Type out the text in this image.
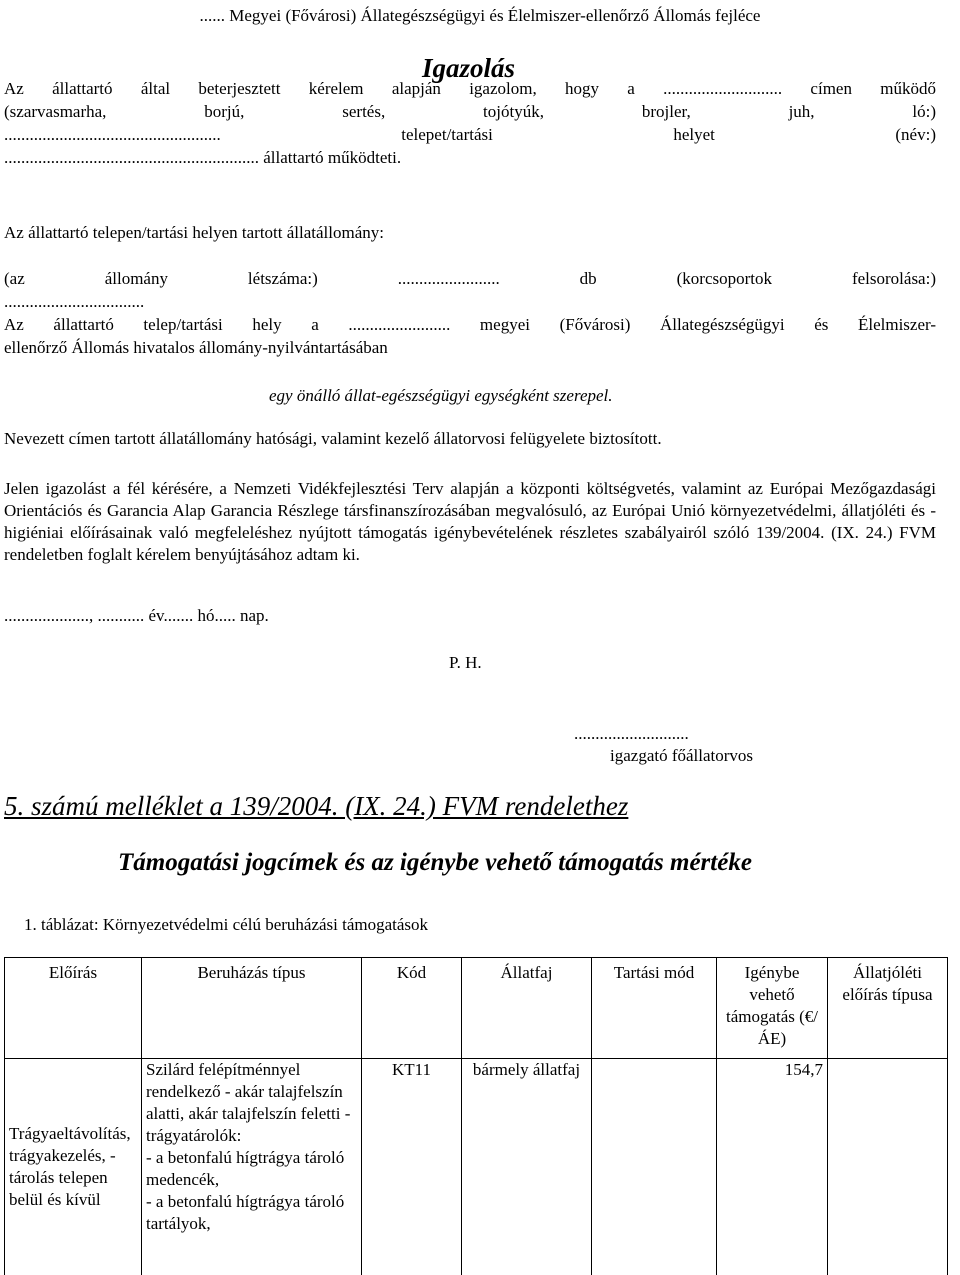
...... Megyei (Fővárosi) Állategészségügyi és Élelmiszer-ellenőrző Állomás fejléce
Igazolás
Az állattartó által beterjesztett kérelem alapján igazolom, hogy a ............................ címen működő
(szarvasmarha, borjú, sertés, tojótyúk, brojler, juh, ló:)
................................................... telepet/tartási helyet (név:)
............................................................ állattartó működteti.
Az állattartó telepen/tartási helyen tartott állatállomány:
(az állomány létszáma:) ........................ db (korcsoportok felsorolása:)
.................................
Az állattartó telep/tartási hely a ........................ megyei (Fővárosi) Állategészségügyi és Élelmiszer-
ellenőrző Állomás hivatalos állomány-nyilvántartásában
egy önálló állat-egészségügyi egységként szerepel.
Nevezett címen tartott állatállomány hatósági, valamint kezelő állatorvosi felügyelete biztosított.
Jelen igazolást a fél kérésére, a Nemzeti Vidékfejlesztési Terv alapján a központi költségvetés, valamint az Európai Mezőgazdasági Orientációs és Garancia Alap Garancia Részlege társfinanszírozásában megvalósuló, az Európai Unió környezetvédelmi, állatjóléti és -higiéniai előírásainak való megfeleléshez nyújtott támogatás igénybevételének részletes szabályairól szóló 139/2004. (IX. 24.) FVM rendeletben foglalt kérelem benyújtásához adtam ki.
...................., ........... év....... hó..... nap.
P. H.
...........................
igazgató főállatorvos
5. számú melléklet a 139/2004. (IX. 24.) FVM rendelethez
Támogatási jogcímek és az igénybe vehető támogatás mértéke
1. táblázat: Környezetvédelmi célú beruházási támogatások
Előírás	Beruházás típus	Kód	Állatfaj	Tartási mód	Igénybe vehető támogatás (€/ÁE)	Állatjóléti előírás típusa
Trágyaeltávolítás, trágyakezelés, -tárolás telepen belül és kívül	Szilárd felépítménnyel rendelkező - akár talajfelszín alatti, akár talajfelszín feletti - trágyatárolók:
- a betonfalú hígtrágya tároló medencék,
- a betonfalú hígtrágya tároló tartályok,	KT11	bármely állatfaj		154,7	
